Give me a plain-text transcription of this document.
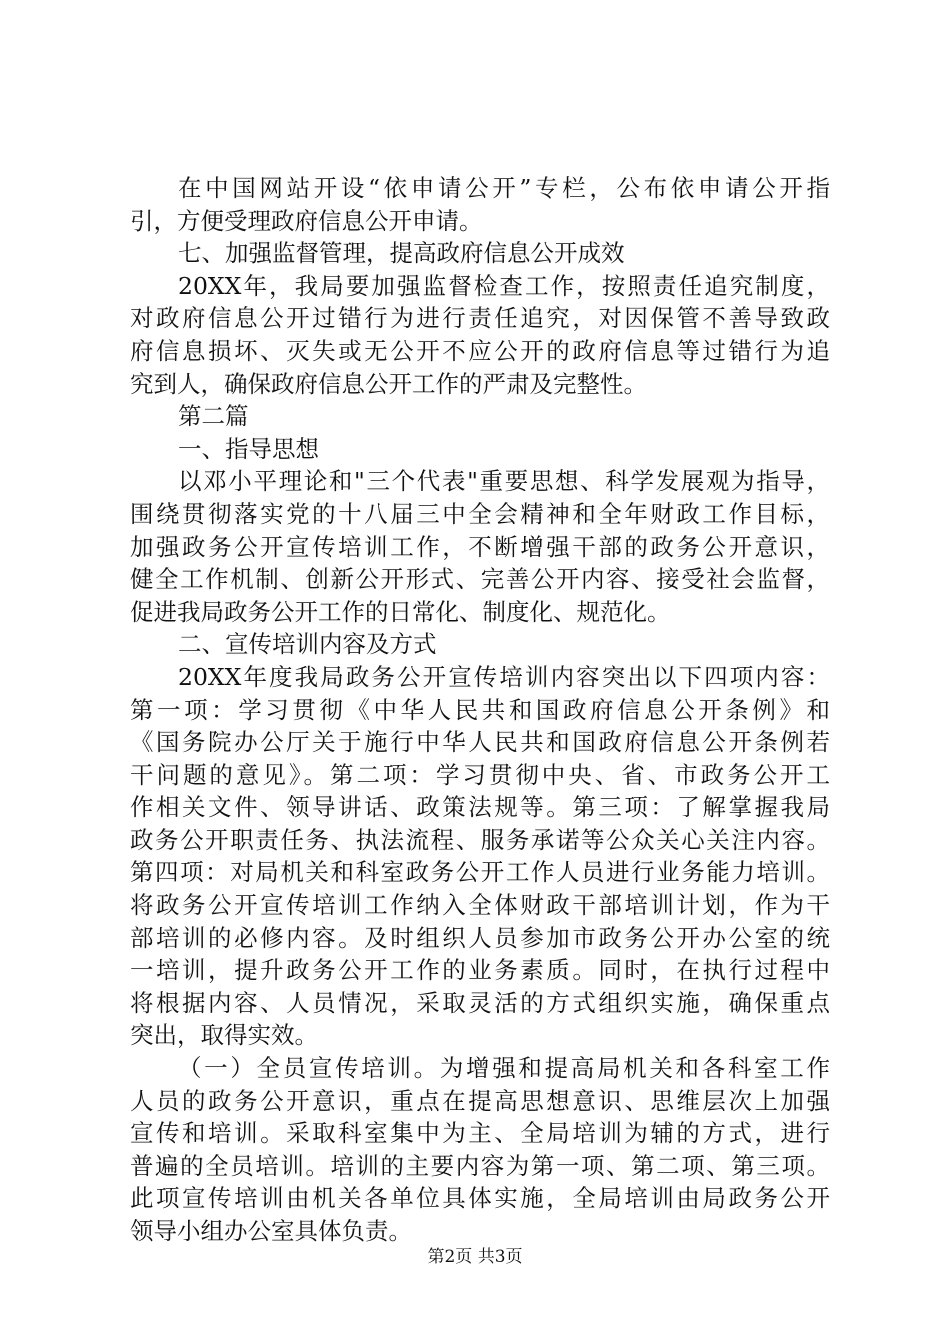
在中国网站开设“依申请公开”专栏，公布依申请公开指
引，方便受理政府信息公开申请。
七、加强监督管理，提高政府信息公开成效
20XX年，我局要加强监督检查工作，按照责任追究制度，
对政府信息公开过错行为进行责任追究，对因保管不善导致政
府信息损坏、灭失或无公开不应公开的政府信息等过错行为追
究到人，确保政府信息公开工作的严肃及完整性。
第二篇
一、指导思想
以邓小平理论和"三个代表"重要思想、科学发展观为指导，
围绕贯彻落实党的十八届三中全会精神和全年财政工作目标，
加强政务公开宣传培训工作，不断增强干部的政务公开意识，
健全工作机制、创新公开形式、完善公开内容、接受社会监督，
促进我局政务公开工作的日常化、制度化、规范化。
二、宣传培训内容及方式
20XX年度我局政务公开宣传培训内容突出以下四项内容：
第一项：学习贯彻《中华人民共和国政府信息公开条例》和
《国务院办公厅关于施行中华人民共和国政府信息公开条例若
干问题的意见》。第二项：学习贯彻中央、省、市政务公开工
作相关文件、领导讲话、政策法规等。第三项：了解掌握我局
政务公开职责任务、执法流程、服务承诺等公众关心关注内容。
第四项：对局机关和科室政务公开工作人员进行业务能力培训。
将政务公开宣传培训工作纳入全体财政干部培训计划，作为干
部培训的必修内容。及时组织人员参加市政务公开办公室的统
一培训，提升政务公开工作的业务素质。同时，在执行过程中
将根据内容、人员情况，采取灵活的方式组织实施，确保重点
突出，取得实效。
（一）全员宣传培训。为增强和提高局机关和各科室工作
人员的政务公开意识，重点在提高思想意识、思维层次上加强
宣传和培训。采取科室集中为主、全局培训为辅的方式，进行
普遍的全员培训。培训的主要内容为第一项、第二项、第三项。
此项宣传培训由机关各单位具体实施，全局培训由局政务公开
领导小组办公室具体负责。
第2页 共3页
